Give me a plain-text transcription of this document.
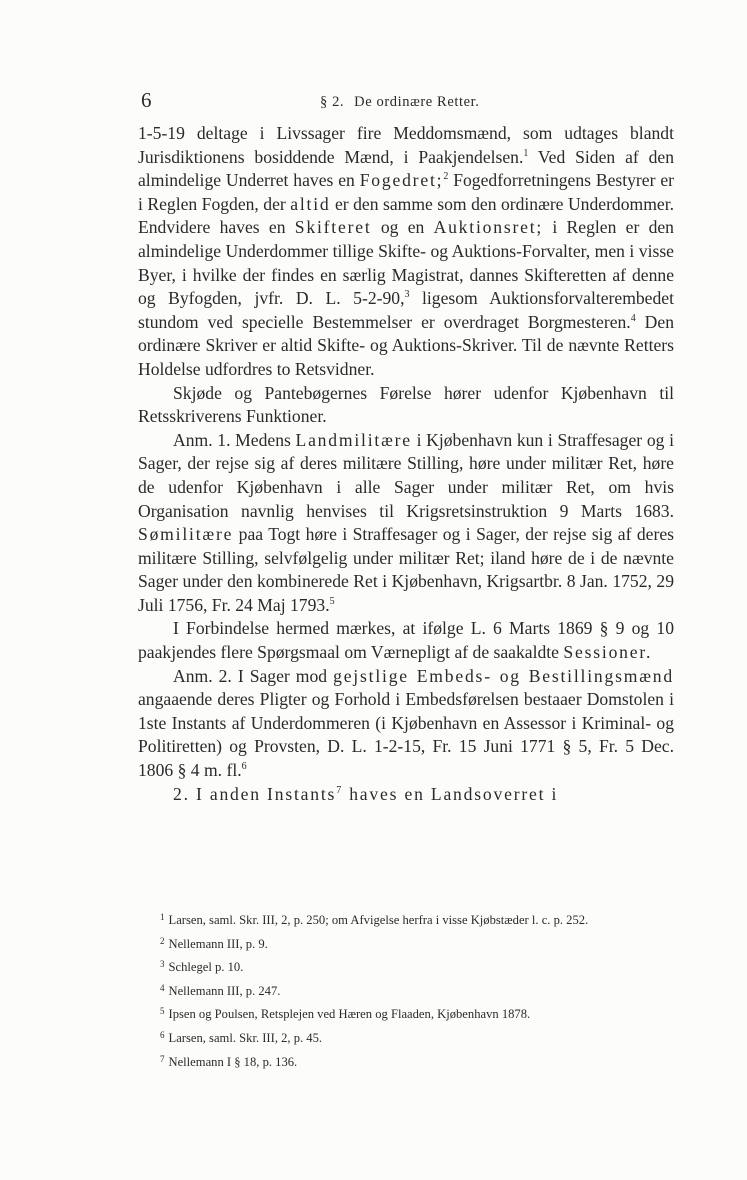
6	§ 2. De ordinære Retter.

1-5-19 deltage i Livssager fire Meddomsmænd, som udtages blandt Jurisdiktionens bosiddende Mænd, i Paakjendelsen.$^1$ Ved Siden af den almindelige Underret haves en Fogedret;$^2$ Fogedforretningens Bestyrer er i Reglen Fogden, der altid er den samme som den ordinære Underdommer. Endvidere haves en Skifteret og en Auktionsret; i Reglen er den almindelige Underdommer tillige Skifte- og Auktions-Forvalter, men i visse Byer, i hvilke der findes en særlig Magistrat, dannes Skifteretten af denne og Byfogden, jvfr. D. L. 5-2-90,$^3$ ligesom Auktionsforvalterembedet stundom ved specielle Bestemmelser er overdraget Borgmesteren.$^4$ Den ordinære Skriver er altid Skifte- og Auktions-Skriver. Til de nævnte Retters Holdelse udfordres to Retsvidner.

Skjøde og Pantebøgernes Førelse hører udenfor Kjøbenhavn til Retsskriverens Funktioner.

Anm. 1. Medens Landmilitære i Kjøbenhavn kun i Straffesager og i Sager, der rejse sig af deres militære Stilling, høre under militær Ret, høre de udenfor Kjøbenhavn i alle Sager under militær Ret, om hvis Organisation navnlig henvises til Krigsretsinstruktion 9 Marts 1683. Sømilitære paa Togt høre i Straffesager og i Sager, der rejse sig af deres militære Stilling, selvfølgelig under militær Ret; iland høre de i de nævnte Sager under den kombinerede Ret i Kjøbenhavn, Krigsartbr. 8 Jan. 1752, 29 Juli 1756, Fr. 24 Maj 1793.$^5$

I Forbindelse hermed mærkes, at ifølge L. 6 Marts 1869 § 9 og 10 paakjendes flere Spørgsmaal om Værnepligt af de saakaldte Sessioner.

Anm. 2. I Sager mod gejstlige Embeds- og Bestillingsmænd angaaende deres Pligter og Forhold i Embedsførelsen bestaaer Domstolen i 1ste Instants af Underdommeren (i Kjøbenhavn en Assessor i Kriminal- og Politiretten) og Provsten, D. L. 1-2-15, Fr. 15 Juni 1771 § 5, Fr. 5 Dec. 1806 § 4 m. fl.$^6$

2. I anden Instants$^7$ haves en Landsoverret i

$^1$ Larsen, saml. Skr. III, 2, p. 250; om Afvigelse herfra i visse Kjøbstæder l. c. p. 252.

$^2$ Nellemann III, p. 9.

$^3$ Schlegel p. 10.

$^4$ Nellemann III, p. 247.

$^5$ Ipsen og Poulsen, Retsplejen ved Hæren og Flaaden, Kjøbenhavn 1878.

$^6$ Larsen, saml. Skr. III, 2, p. 45.

$^7$ Nellemann I § 18, p. 136.
